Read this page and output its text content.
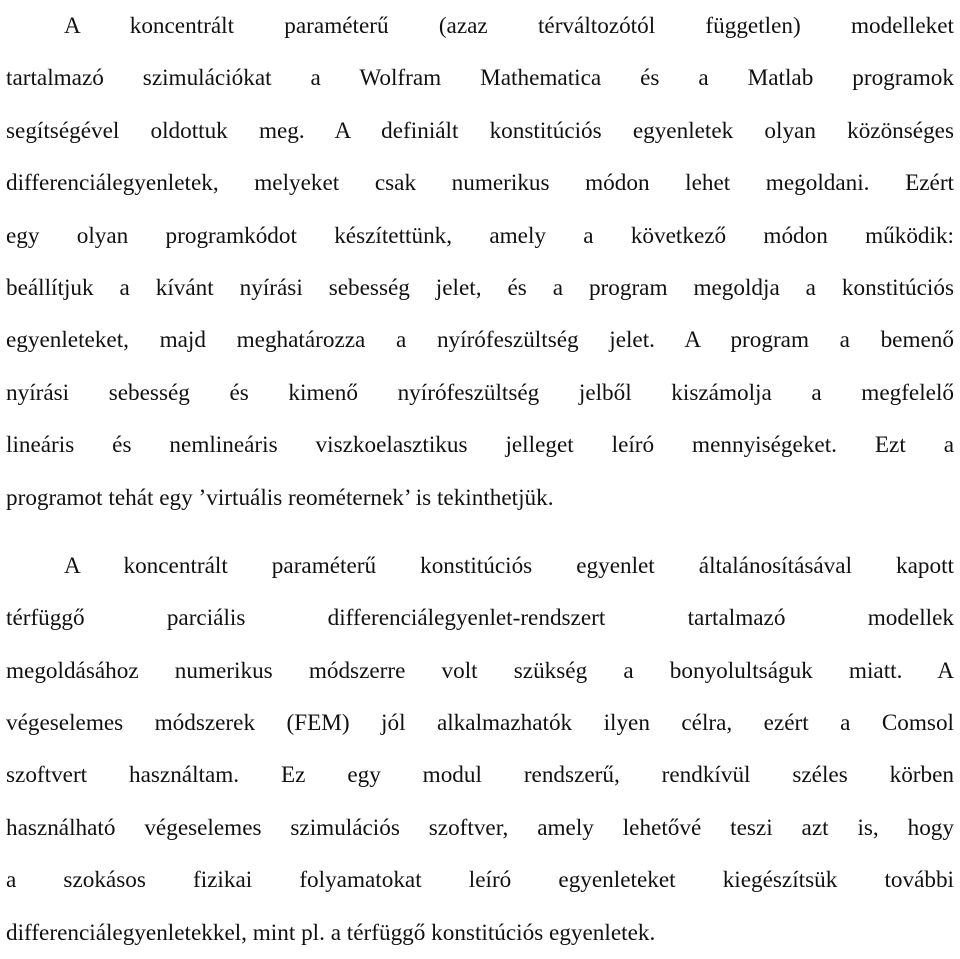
A koncentrált paraméterű (azaz térváltozótól független) modelleket
tartalmazó szimulációkat a Wolfram Mathematica és a Matlab programok
segítségével oldottuk meg. A definiált konstitúciós egyenletek olyan közönséges
differenciálegyenletek, melyeket csak numerikus módon lehet megoldani. Ezért
egy olyan programkódot készítettünk, amely a következő módon működik:
beállítjuk a kívánt nyírási sebesség jelet, és a program megoldja a konstitúciós
egyenleteket, majd meghatározza a nyírófeszültség jelet. A program a bemenő
nyírási sebesség és kimenő nyírófeszültség jelből kiszámolja a megfelelő
lineáris és nemlineáris viszkoelasztikus jelleget leíró mennyiségeket. Ezt a
programot tehát egy ’virtuális reométernek’ is tekinthetjük.
A koncentrált paraméterű konstitúciós egyenlet általánosításával kapott
térfüggő parciális differenciálegyenlet-rendszert tartalmazó modellek
megoldásához numerikus módszerre volt szükség a bonyolultságuk miatt. A
végeselemes módszerek (FEM) jól alkalmazhatók ilyen célra, ezért a Comsol
szoftvert használtam. Ez egy modul rendszerű, rendkívül széles körben
használható végeselemes szimulációs szoftver, amely lehetővé teszi azt is, hogy
a szokásos fizikai folyamatokat leíró egyenleteket kiegészítsük további
differenciálegyenletekkel, mint pl. a térfüggő konstitúciós egyenletek.
